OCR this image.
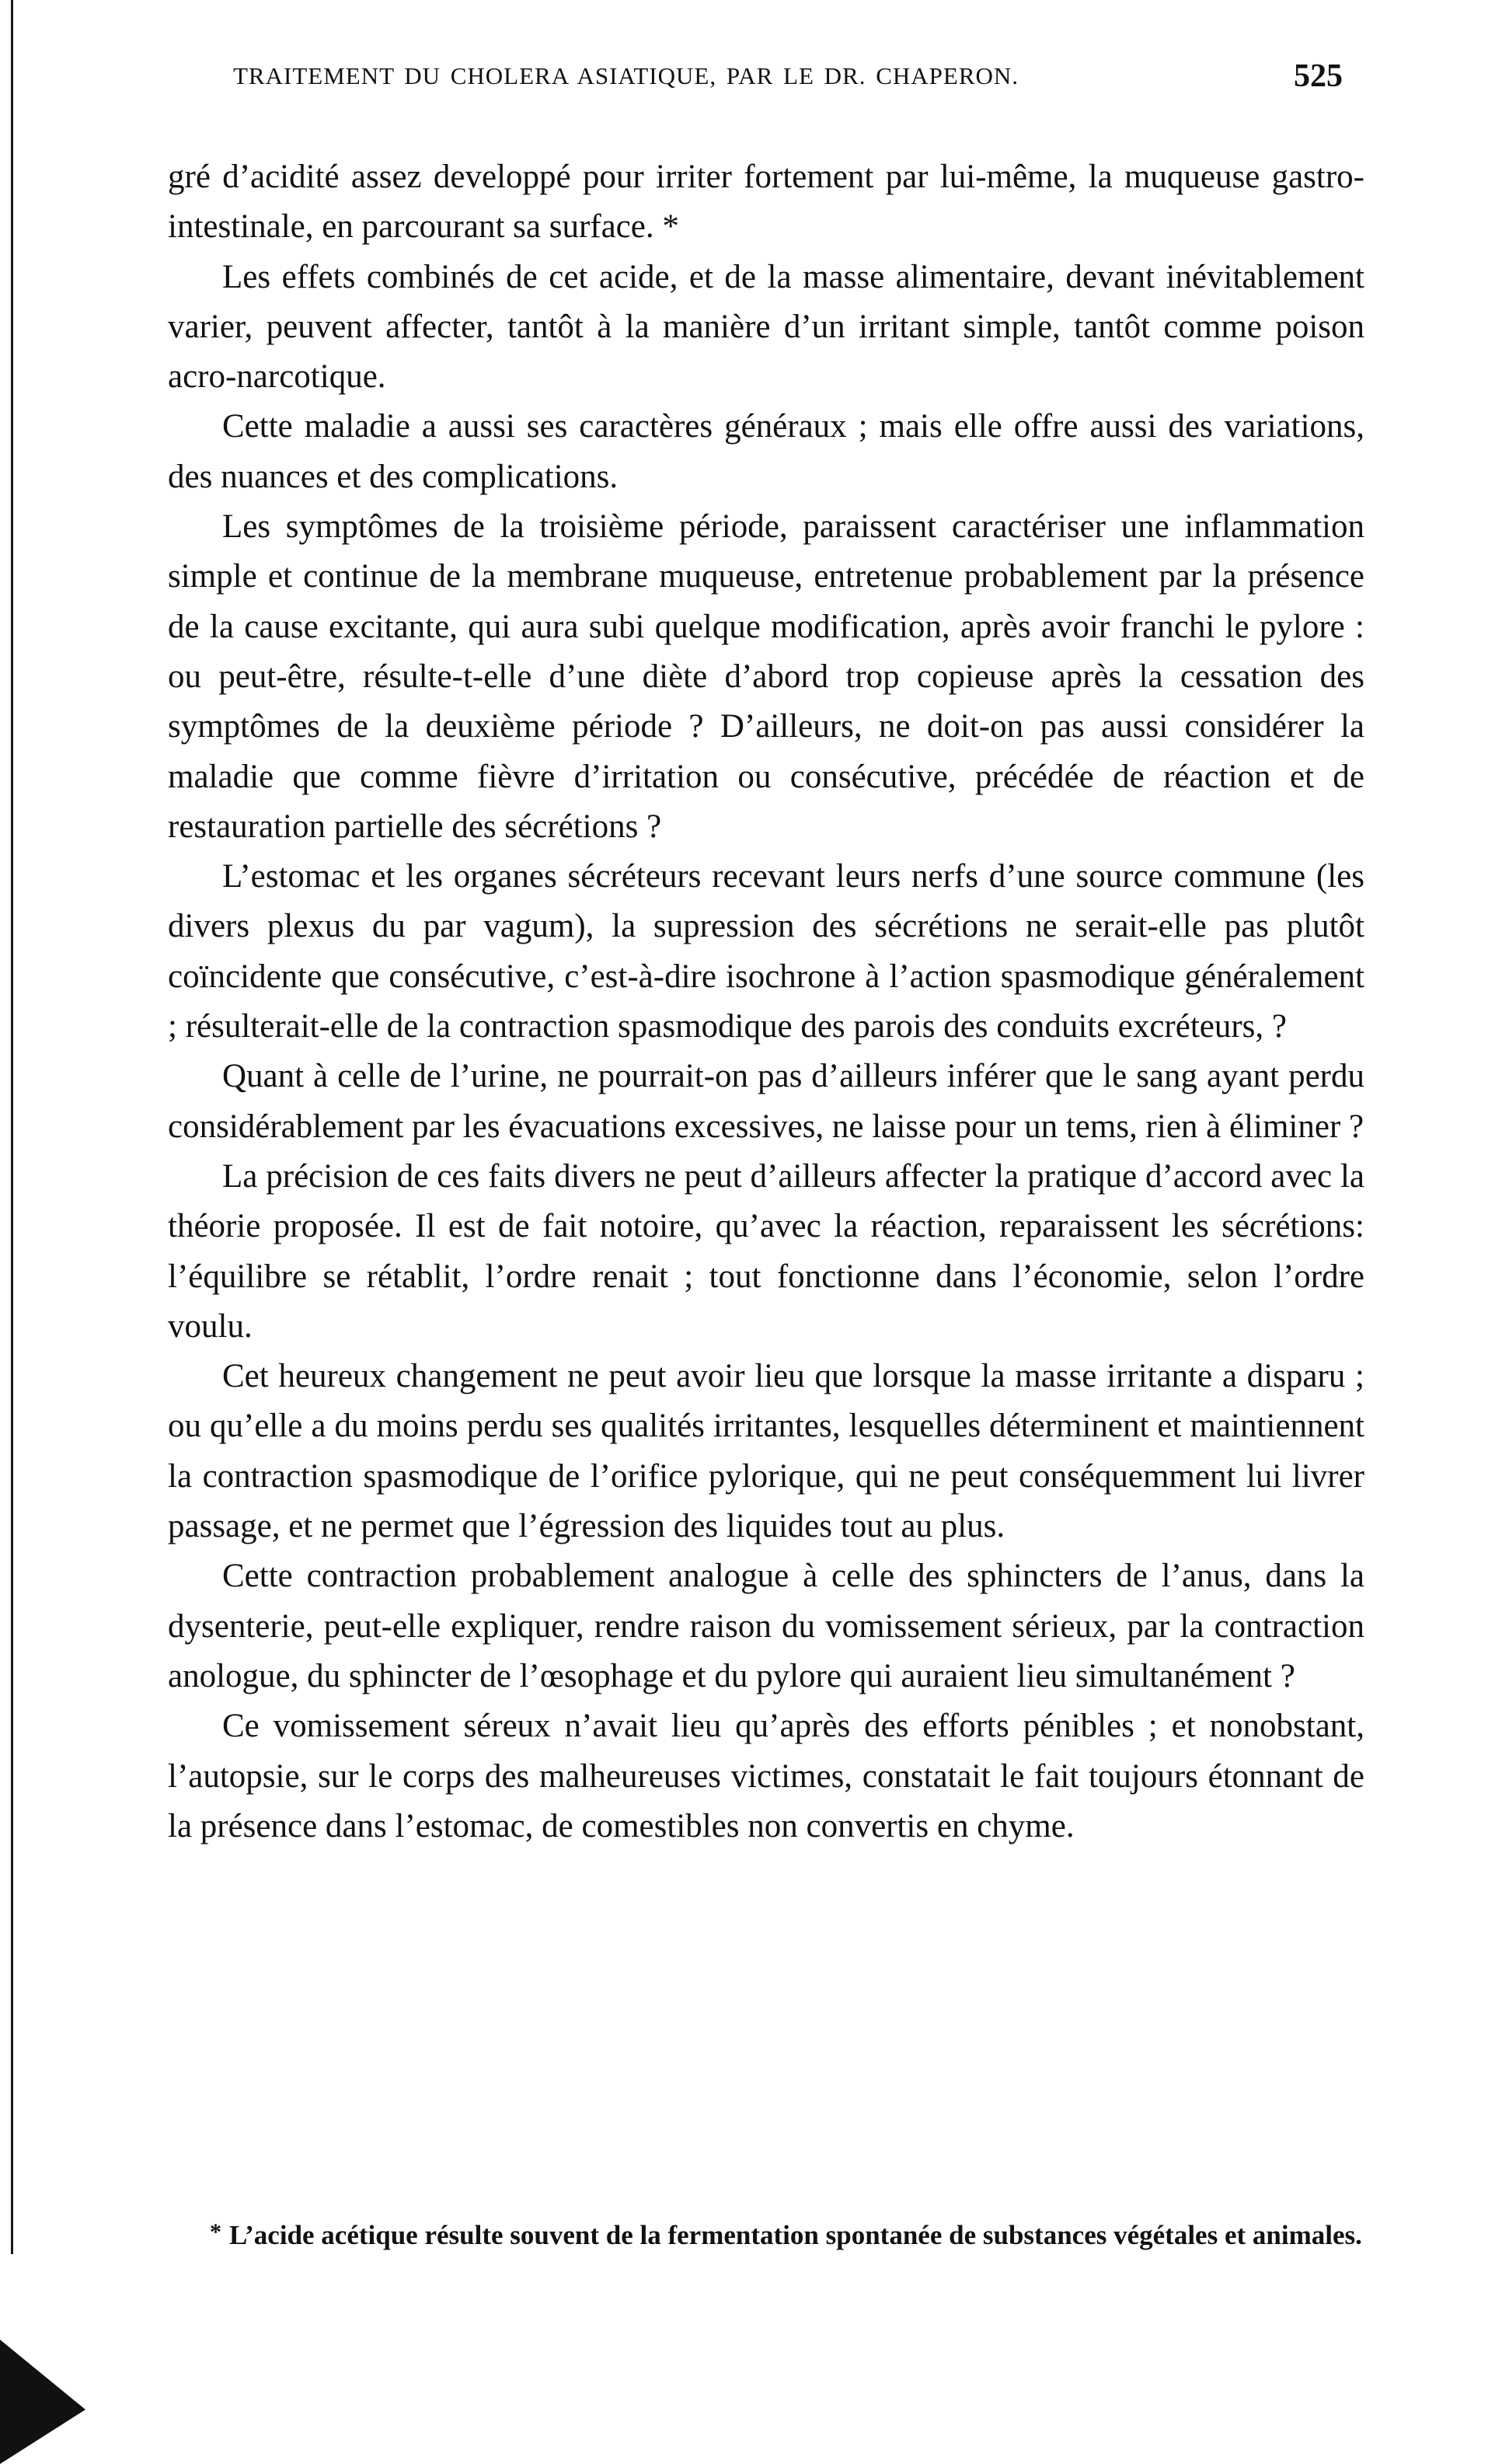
TRAITEMENT DU CHOLERA ASIATIQUE, PAR LE DR. CHAPERON.	525

gré d’acidité assez developpé pour irriter fortement par lui-même, la muqueuse gastro-intestinale, en parcourant sa surface. *

Les effets combinés de cet acide, et de la masse alimentaire, devant inévitablement varier, peuvent affecter, tantôt à la manière d’un irritant simple, tantôt comme poison acro-narcotique.

Cette maladie a aussi ses caractères généraux ; mais elle offre aussi des variations, des nuances et des complications.

Les symptômes de la troisième période, paraissent caractériser une inflammation simple et continue de la membrane muqueuse, entretenue probablement par la présence de la cause excitante, qui aura subi quelque modification, après avoir franchi le pylore : ou peut-être, résulte-t-elle d’une diète d’abord trop copieuse après la cessation des symptômes de la deuxième période ? D’ailleurs, ne doit-on pas aussi considérer la maladie que comme fièvre d’irritation ou consécutive, précédée de réaction et de restauration partielle des sécrétions ?

L’estomac et les organes sécréteurs recevant leurs nerfs d’une source commune (les divers plexus du par vagum), la supression des sécrétions ne serait-elle pas plutôt coïncidente que consécutive, c’est-à-dire isochrone à l’action spasmodique généralement ; résulterait-elle de la contraction spasmodique des parois des conduits excréteurs, ?

Quant à celle de l’urine, ne pourrait-on pas d’ailleurs inférer que le sang ayant perdu considérablement par les évacuations excessives, ne laisse pour un tems, rien à éliminer ?

La précision de ces faits divers ne peut d’ailleurs affecter la pratique d’accord avec la théorie proposée. Il est de fait notoire, qu’avec la réaction, reparaissent les sécrétions: l’équilibre se rétablit, l’ordre renait ; tout fonctionne dans l’économie, selon l’ordre voulu.

Cet heureux changement ne peut avoir lieu que lorsque la masse irritante a disparu ; ou qu’elle a du moins perdu ses qualités irritantes, lesquelles déterminent et maintiennent la contraction spasmodique de l’orifice pylorique, qui ne peut conséquemment lui livrer passage, et ne permet que l’égression des liquides tout au plus.

Cette contraction probablement analogue à celle des sphincters de l’anus, dans la dysenterie, peut-elle expliquer, rendre raison du vomissement sérieux, par la contraction anologue, du sphincter de l’œsophage et du pylore qui auraient lieu simultanément ?

Ce vomissement séreux n’avait lieu qu’après des efforts pénibles ; et nonobstant, l’autopsie, sur le corps des malheureuses victimes, constatait le fait toujours étonnant de la présence dans l’estomac, de comestibles non convertis en chyme.

* L’acide acétique résulte souvent de la fermentation spontanée de substances végétales et animales.
